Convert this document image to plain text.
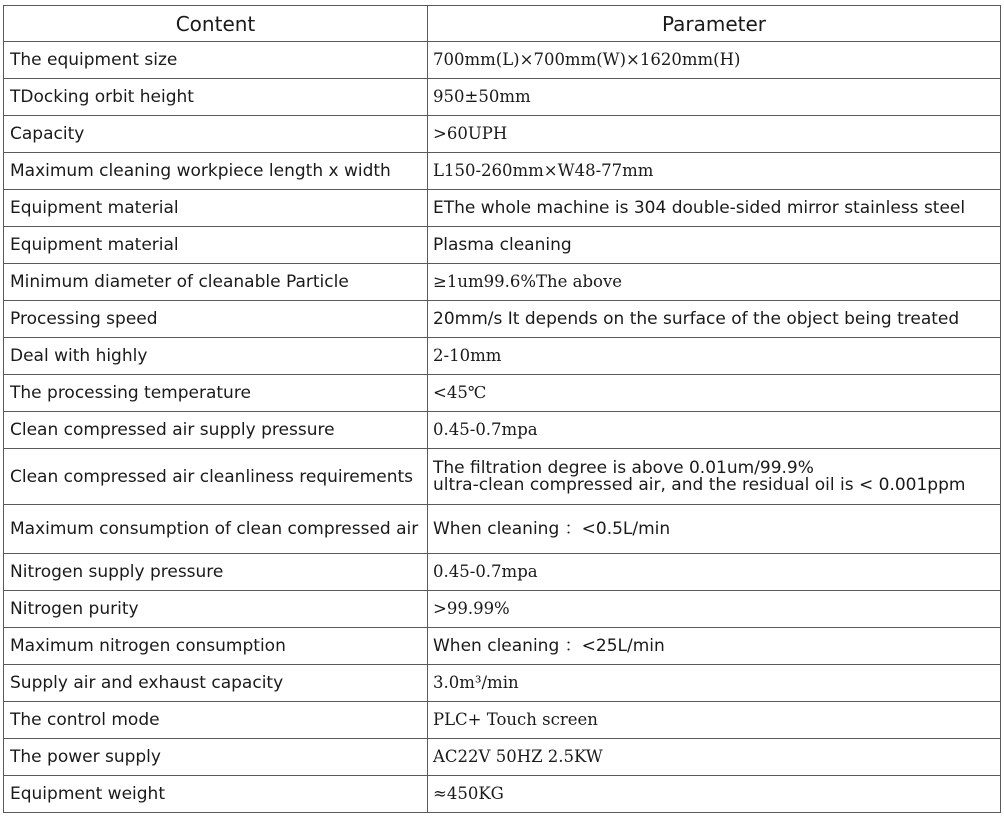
Content	Parameter
The equipment size	700mm(L)×700mm(W)×1620mm(H)
TDocking orbit height	950±50mm
Capacity	>60UPH
Maximum cleaning workpiece length x width	L150-260mm×W48-77mm
Equipment material	EThe whole machine is 304 double-sided mirror stainless steel
Equipment material	Plasma cleaning
Minimum diameter of cleanable Particle	≥1um99.6%The above
Processing speed	20mm/s It depends on the surface of the object being treated
Deal with highly	2-10mm
The processing temperature	<45℃
Clean compressed air supply pressure	0.45-0.7mpa
Clean compressed air cleanliness requirements	The filtration degree is above 0.01um/99.9%
ultra-clean compressed air, and the residual oil is < 0.001ppm

Maximum consumption of clean compressed air	When cleaning ：<0.5L/min
Nitrogen supply pressure	0.45-0.7mpa
Nitrogen purity	>99.99%
Maximum nitrogen consumption	When cleaning ：<25L/min
Supply air and exhaust capacity	3.0m³/min
The control mode	PLC+ Touch screen
The power supply	AC22V 50HZ 2.5KW
Equipment weight	≈450KG
